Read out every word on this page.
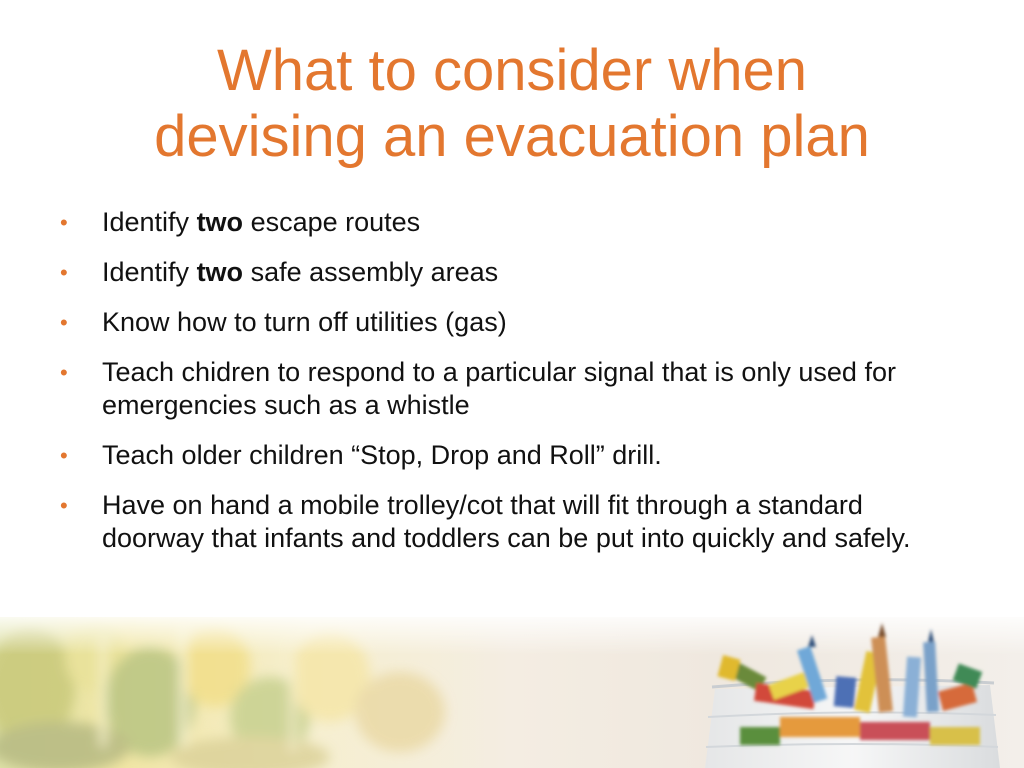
What to consider when
devising an evacuation plan
• Identify two escape routes
• Identify two safe assembly areas
• Know how to turn off utilities (gas)
• Teach chidren to respond to a particular signal that is only used for emergencies such as a whistle
• Teach older children “Stop, Drop and Roll” drill.
• Have on hand a mobile trolley/cot that will fit through a standard doorway that infants and toddlers can be put into quickly and safely.
